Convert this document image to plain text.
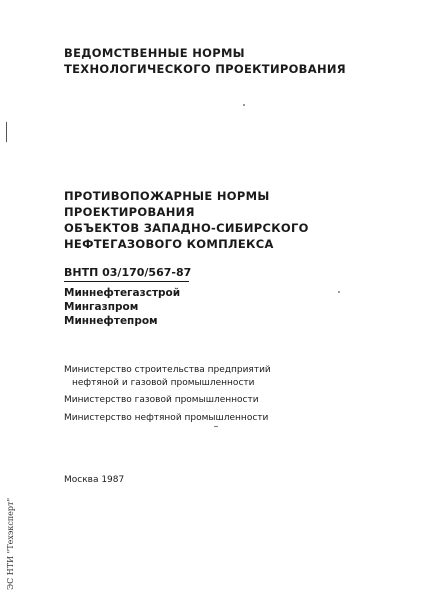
ВЕДОМСТВЕННЫЕ НОРМЫ
ТЕХНОЛОГИЧЕСКОГО ПРОЕКТИРОВАНИЯ
ПРОТИВОПОЖАРНЫЕ НОРМЫ ПРОЕКТИРОВАНИЯ
ОБЪЕКТОВ ЗАПАДНО-СИБИРСКОГО
НЕФТЕГАЗОВОГО КОМПЛЕКСА
ВНТП 03/170/567-87
Миннефтегазстрой
Мингазпром
Миннефтепром
Министерство строительства предприятий
нефтяной и газовой промышленности
Министерство газовой промышленности
Министерство нефтяной промышленности
Москва 1987
ЭС НТИ "Техэксперт"
